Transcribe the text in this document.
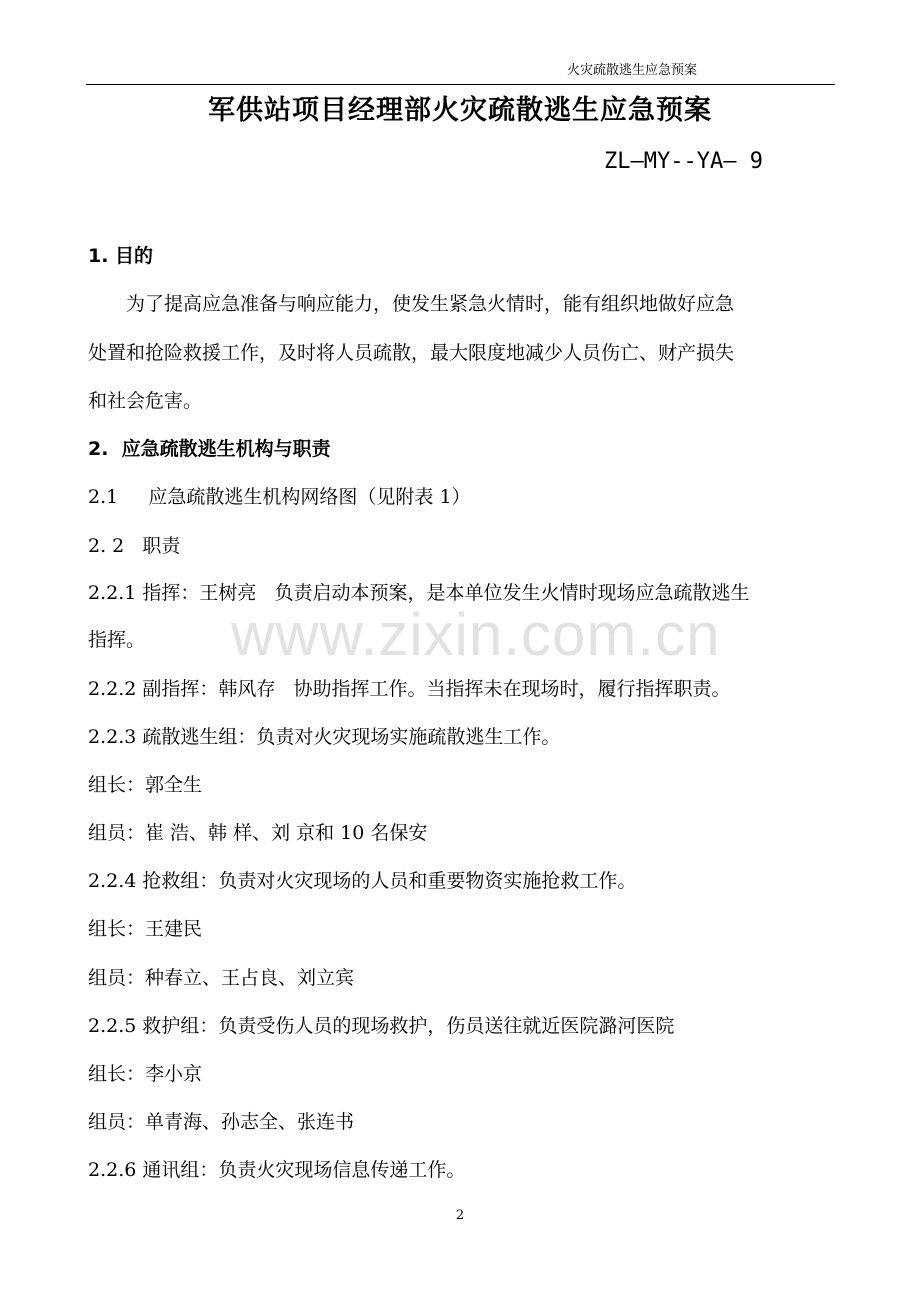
火灾疏散逃生应急预案
军供站项目经理部火灾疏散逃生应急预案
ZL—MY--YA— 9
1. 目的
为了提高应急准备与响应能力，使发生紧急火情时，能有组织地做好应急
处置和抢险救援工作，及时将人员疏散，最大限度地减少人员伤亡、财产损失
和社会危害。
2.  应急疏散逃生机构与职责
2.1     应急疏散逃生机构网络图（见附表 1）
2. 2   职责
2.2.1 指挥：王树亮   负责启动本预案，是本单位发生火情时现场应急疏散逃生
指挥。
2.2.2 副指挥：韩风存   协助指挥工作。当指挥未在现场时，履行指挥职责。
2.2.3 疏散逃生组：负责对火灾现场实施疏散逃生工作。
组长：郭全生
组员：崔 浩、韩 样、刘 京和 10 名保安
2.2.4 抢救组：负责对火灾现场的人员和重要物资实施抢救工作。
组长：王建民
组员：种春立、王占良、刘立宾
2.2.5 救护组：负责受伤人员的现场救护，伤员送往就近医院潞河医院
组长：李小京
组员：单青海、孙志全、张连书
2.2.6 通讯组：负责火灾现场信息传递工作。
www.zixin.com.cn
2
